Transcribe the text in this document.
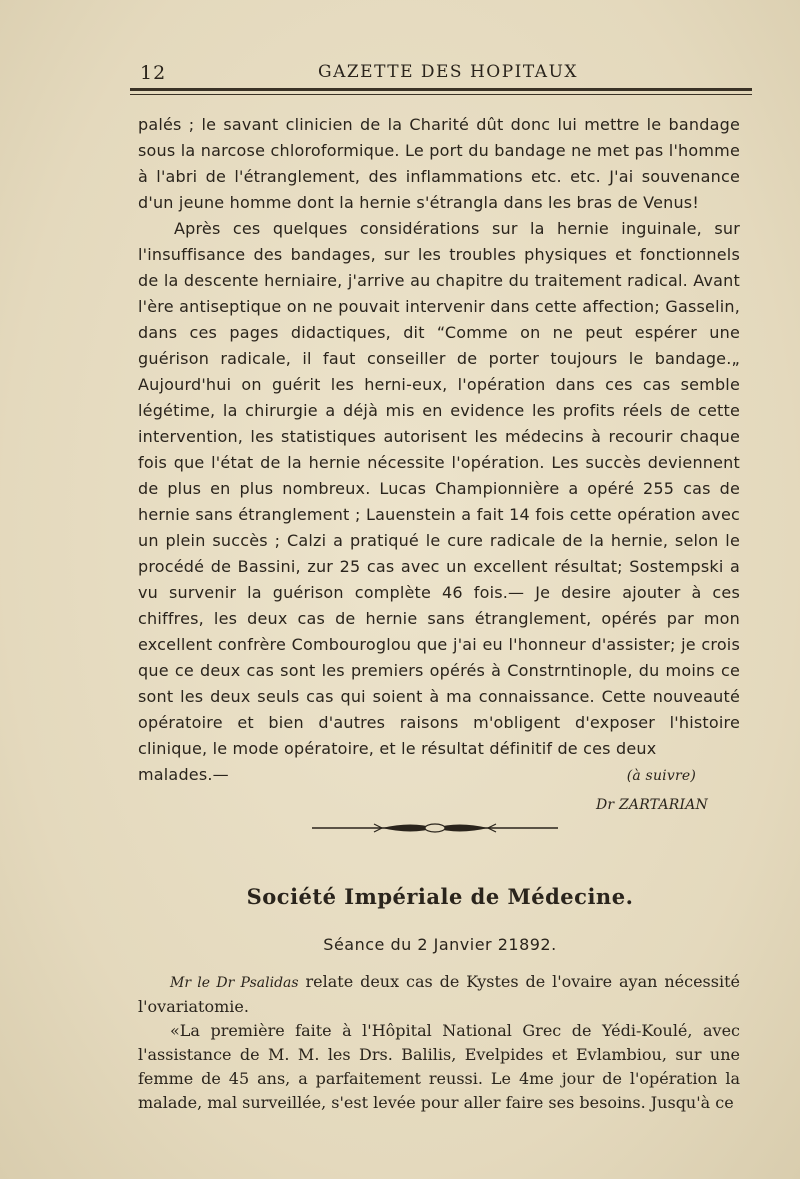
12	GAZETTE DES HOPITAUX

palés ; le savant clinicien de la Charité dût donc lui mettre le bandage sous la narcose chloroformique. Le port du bandage ne met pas l'homme à l'abri de l'étranglement, des inflammations etc. etc. J'ai souvenance d'un jeune homme dont la hernie s'étrangla dans les bras de Venus!

Après ces quelques considérations sur la hernie inguinale, sur l'insuffisance des bandages, sur les troubles physiques et fonctionnels de la descente herniaire, j'arrive au chapitre du traitement radical. Avant l'ère antiseptique on ne pouvait intervenir dans cette affection; Gasselin, dans ces pages didactiques, dit “Comme on ne peut espérer une guérison radicale, il faut conseiller de porter toujours le bandage.„ Aujourd'hui on guérit les herni-eux, l'opération dans ces cas semble légétime, la chirurgie a déjà mis en evidence les profits réels de cette intervention, les statistiques autorisent les médecins à recourir chaque fois que l'état de la hernie nécessite l'opération. Les succès deviennent de plus en plus nombreux. Lucas Championnière a opéré 255 cas de hernie sans étranglement ; Lauenstein a fait 14 fois cette opération avec un plein succès ; Calzi a pratiqué le cure radicale de la hernie, selon le procédé de Bassini, zur 25 cas avec un excellent résultat; Sostempski a vu survenir la guérison complète 46 fois.— Je desire ajouter à ces chiffres, les deux cas de hernie sans étranglement, opérés par mon excellent confrère Combouroglou que j'ai eu l'honneur d'assister; je crois que ce deux cas sont les premiers opérés à Constrntinople, du moins ce sont les deux seuls cas qui soient à ma connaissance. Cette nouveauté opératoire et bien d'autres raisons m'obligent d'exposer l'histoire clinique, le mode opératoire, et le résultat définitif de ces deux

malades.—	(à suivre)
Dr ZARTARIAN
Société Impériale de Médecine.
Séance du 2 Janvier 21892.

Mr le Dr Psalidas relate deux cas de Kystes de l'ovaire ayan nécessité l'ovariatomie.

«La première faite à l'Hôpital National Grec de Yédi-Koulé, avec l'assistance de M. M. les Drs. Balilis, Evelpides et Evlambiou, sur une femme de 45 ans, a parfaitement reussi. Le 4me jour de l'opération la malade, mal surveillée, s'est levée pour aller faire ses besoins. Jusqu'à ce
